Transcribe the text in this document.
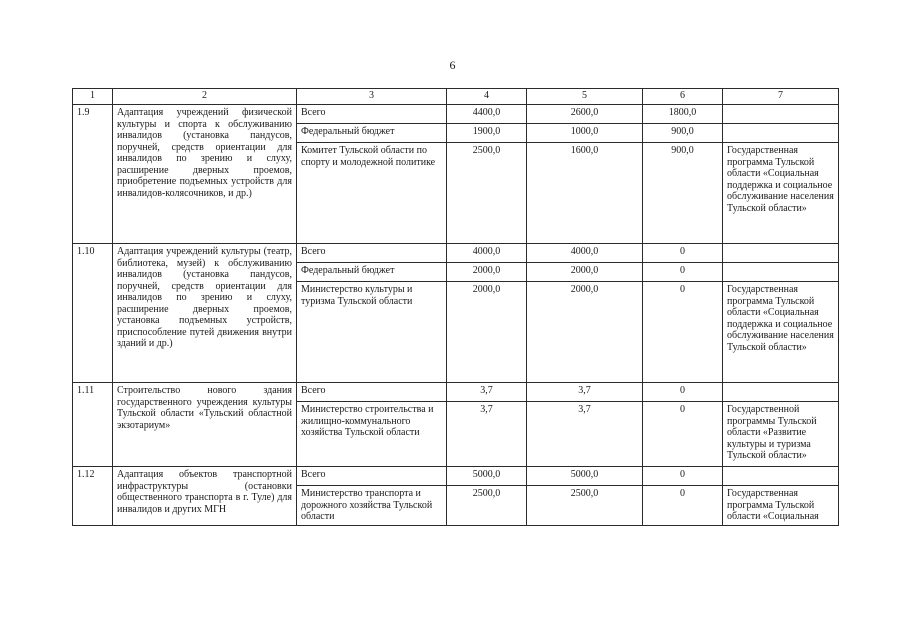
6
1	2	3	4	5	6	7
1.9	Адаптация учреждений физической культуры и спорта к обслуживанию инвалидов (установка пандусов, поручней, средств ориентации для инвалидов по зрению и слуху, расширение дверных проемов, приобретение подъемных устройств для инвалидов-колясочников, и др.)	Всего	4400,0	2600,0	1800,0	
		Федеральный бюджет	1900,0	1000,0	900,0	
		Комитет Тульской области по спорту и молодежной политике	2500,0	1600,0	900,0	Государственная программа Тульской области «Социальная поддержка и социальное обслуживание населения Тульской области»
1.10	Адаптация учреждений культуры (театр, библиотека, музей) к обслуживанию инвалидов (установка пандусов, поручней, средств ориентации для инвалидов по зрению и слуху, расширение дверных проемов, установка подъемных устройств, приспособление путей движения внутри зданий и др.)	Всего	4000,0	4000,0	0	
		Федеральный бюджет	2000,0	2000,0	0	
		Министерство культуры и туризма Тульской области	2000,0	2000,0	0	Государственная программа Тульской области «Социальная поддержка и социальное обслуживание населения Тульской области»
1.11	Строительство нового здания государственного учреждения культуры Тульской области «Тульский областной экзотариум»	Всего	3,7	3,7	0	
		Министерство строительства и жилищно-коммунального хозяйства Тульской области	3,7	3,7	0	Государственной программы Тульской области «Развитие культуры и туризма Тульской области»
1.12	Адаптация объектов транспортной инфраструктуры (остановки общественного транспорта в г. Туле) для инвалидов и других МГН	Всего	5000,0	5000,0	0	
		Министерство транспорта и дорожного хозяйства Тульской области	2500,0	2500,0	0	Государственная программа Тульской области «Социальная
